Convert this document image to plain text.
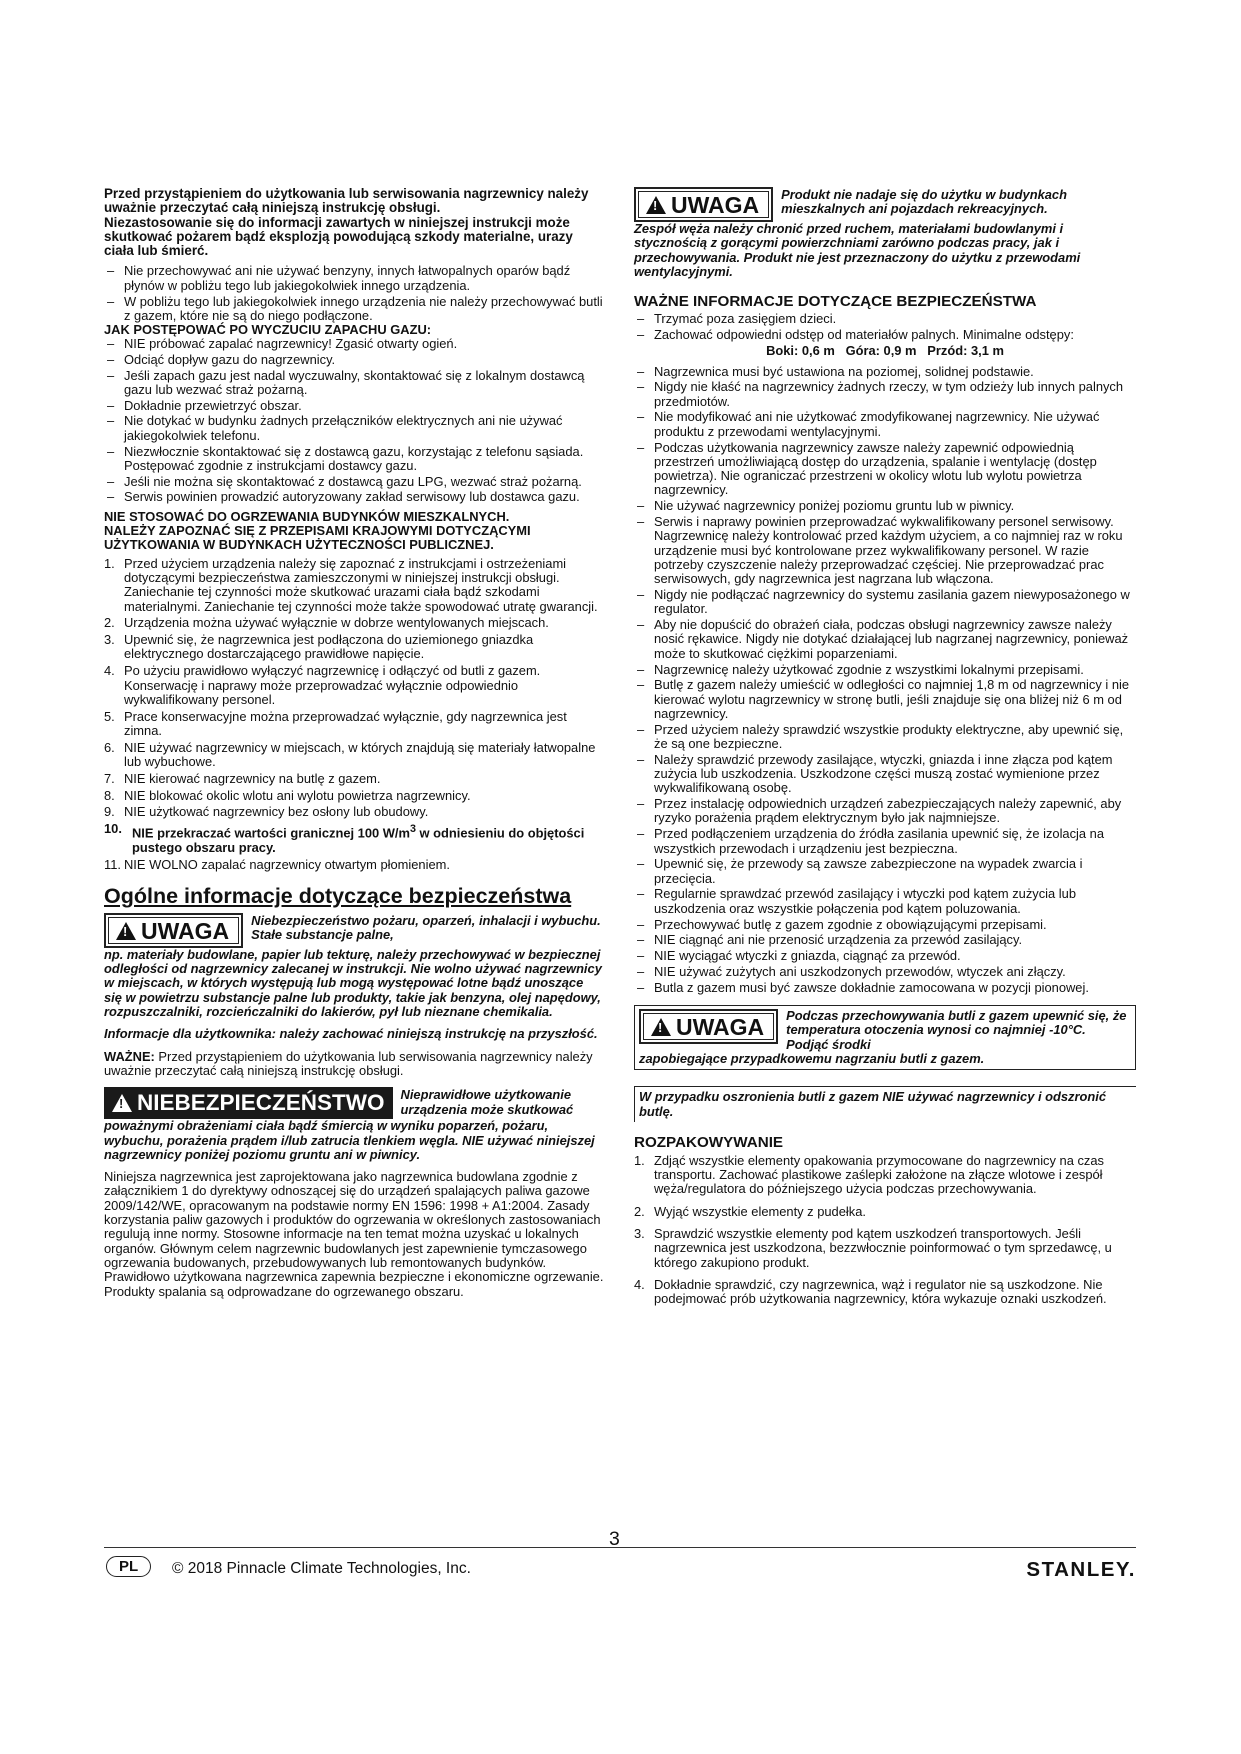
Przed przystąpieniem do użytkowania lub serwisowania nagrzewnicy należy uważnie przeczytać całą niniejszą instrukcję obsługi.

Niezastosowanie się do informacji zawartych w niniejszej instrukcji może skutkować pożarem bądź eksplozją powodującą szkody materialne, urazy ciała lub śmierć.

– Nie przechowywać ani nie używać benzyny, innych łatwopalnych oparów bądź płynów w pobliżu tego lub jakiegokolwiek innego urządzenia.
– W pobliżu tego lub jakiegokolwiek innego urządzenia nie należy przechowywać butli z gazem, które nie są do niego podłączone.

JAK POSTĘPOWAĆ PO WYCZUCIU ZAPACHU GAZU:

– NIE próbować zapalać nagrzewnicy! Zgasić otwarty ogień.
– Odciąć dopływ gazu do nagrzewnicy.
– Jeśli zapach gazu jest nadal wyczuwalny, skontaktować się z lokalnym dostawcą gazu lub wezwać straż pożarną.
– Dokładnie przewietrzyć obszar.
– Nie dotykać w budynku żadnych przełączników elektrycznych ani nie używać jakiegokolwiek telefonu.
– Niezwłocznie skontaktować się z dostawcą gazu, korzystając z telefonu sąsiada. Postępować zgodnie z instrukcjami dostawcy gazu.
– Jeśli nie można się skontaktować z dostawcą gazu LPG, wezwać straż pożarną.
– Serwis powinien prowadzić autoryzowany zakład serwisowy lub dostawca gazu.

NIE STOSOWAĆ DO OGRZEWANIA BUDYNKÓW MIESZKALNYCH.

NALEŻY ZAPOZNAĆ SIĘ Z PRZEPISAMI KRAJOWYMI DOTYCZĄCYMI UŻYTKOWANIA W BUDYNKACH UŻYTECZNOŚCI PUBLICZNEJ.

1. Przed użyciem urządzenia należy się zapoznać z instrukcjami i ostrzeżeniami dotyczącymi bezpieczeństwa zamieszczonymi w niniejszej instrukcji obsługi. Zaniechanie tej czynności może skutkować urazami ciała bądź szkodami materialnymi. Zaniechanie tej czynności może także spowodować utratę gwarancji.
2. Urządzenia można używać wyłącznie w dobrze wentylowanych miejscach.
3. Upewnić się, że nagrzewnica jest podłączona do uziemionego gniazdka elektrycznego dostarczającego prawidłowe napięcie.
4. Po użyciu prawidłowo wyłączyć nagrzewnicę i odłączyć od butli z gazem. Konserwację i naprawy może przeprowadzać wyłącznie odpowiednio wykwalifikowany personel.
5. Prace konserwacyjne można przeprowadzać wyłącznie, gdy nagrzewnica jest zimna.
6. NIE używać nagrzewnicy w miejscach, w których znajdują się materiały łatwopalne lub wybuchowe.
7. NIE kierować nagrzewnicy na butlę z gazem.
8. NIE blokować okolic wlotu ani wylotu powietrza nagrzewnicy.
9. NIE użytkować nagrzewnicy bez osłony lub obudowy.
10. NIE przekraczać wartości granicznej 100 $W/m^3$ w odniesieniu do objętości pustego obszaru pracy.
11. NIE WOLNO zapalać nagrzewnicy otwartym płomieniem.
Ogólne informacje dotyczące bezpieczeństwa
! UWAGA Niebezpieczeństwo pożaru, oparzeń, inhalacji i wybuchu. Stałe substancje palne,

np. materiały budowlane, papier lub tekturę, należy przechowywać w bezpiecznej odległości od nagrzewnicy zalecanej w instrukcji. Nie wolno używać nagrzewnicy w miejscach, w których występują lub mogą występować lotne bądź unoszące się w powietrzu substancje palne lub produkty, takie jak benzyna, olej napędowy, rozpuszczalniki, rozcieńczalniki do lakierów, pył lub nieznane chemikalia.

Informacje dla użytkownika: należy zachować niniejszą instrukcję na przyszłość.

WAŻNE: Przed przystąpieniem do użytkowania lub serwisowania nagrzewnicy należy uważnie przeczytać całą niniejszą instrukcję obsługi.

! NIEBEZPIECZEŃSTWO Nieprawidłowe użytkowanie urządzenia może skutkować

poważnymi obrażeniami ciała bądź śmiercią w wyniku poparzeń, pożaru, wybuchu, porażenia prądem i/lub zatrucia tlenkiem węgla. NIE używać niniejszej nagrzewnicy poniżej poziomu gruntu ani w piwnicy.

Niniejsza nagrzewnica jest zaprojektowana jako nagrzewnica budowlana zgodnie z załącznikiem 1 do dyrektywy odnoszącej się do urządzeń spalających paliwa gazowe 2009/142/WE, opracowanym na podstawie normy EN 1596: 1998 + A1:2004. Zasady korzystania paliw gazowych i produktów do ogrzewania w określonych zastosowaniach regulują inne normy. Stosowne informacje na ten temat można uzyskać u lokalnych organów. Głównym celem nagrzewnic budowlanych jest zapewnienie tymczasowego ogrzewania budowanych, przebudowywanych lub remontowanych budynków. Prawidłowo użytkowana nagrzewnica zapewnia bezpieczne i ekonomiczne ogrzewanie. Produkty spalania są odprowadzane do ogrzewanego obszaru.

! UWAGA Produkt nie nadaje się do użytku w budynkach mieszkalnych ani pojazdach rekreacyjnych.

Zespół węża należy chronić przed ruchem, materiałami budowlanymi i stycznością z gorącymi powierzchniami zarówno podczas pracy, jak i przechowywania. Produkt nie jest przeznaczony do użytku z przewodami wentylacyjnymi.

WAŻNE INFORMACJE DOTYCZĄCE BEZPIECZEŃSTWA
– Trzymać poza zasięgiem dzieci.
– Zachować odpowiedni odstęp od materiałów palnych. Minimalne odstępy:

Boki: 0,6 m   Góra: 0,9 m   Przód: 3,1 m

– Nagrzewnica musi być ustawiona na poziomej, solidnej podstawie.
– Nigdy nie kłaść na nagrzewnicy żadnych rzeczy, w tym odzieży lub innych palnych przedmiotów.
– Nie modyfikować ani nie użytkować zmodyfikowanej nagrzewnicy. Nie używać produktu z przewodami wentylacyjnymi.
– Podczas użytkowania nagrzewnicy zawsze należy zapewnić odpowiednią przestrzeń umożliwiającą dostęp do urządzenia, spalanie i wentylację (dostęp powietrza). Nie ograniczać przestrzeni w okolicy wlotu lub wylotu powietrza nagrzewnicy.
– Nie używać nagrzewnicy poniżej poziomu gruntu lub w piwnicy.
– Serwis i naprawy powinien przeprowadzać wykwalifikowany personel serwisowy. Nagrzewnicę należy kontrolować przed każdym użyciem, a co najmniej raz w roku urządzenie musi być kontrolowane przez wykwalifikowany personel. W razie potrzeby czyszczenie należy przeprowadzać częściej. Nie przeprowadzać prac serwisowych, gdy nagrzewnica jest nagrzana lub włączona.
– Nigdy nie podłączać nagrzewnicy do systemu zasilania gazem niewyposażonego w regulator.
– Aby nie dopuścić do obrażeń ciała, podczas obsługi nagrzewnicy zawsze należy nosić rękawice. Nigdy nie dotykać działającej lub nagrzanej nagrzewnicy, ponieważ może to skutkować ciężkimi poparzeniami.
– Nagrzewnicę należy użytkować zgodnie z wszystkimi lokalnymi przepisami.
– Butlę z gazem należy umieścić w odległości co najmniej 1,8 m od nagrzewnicy i nie kierować wylotu nagrzewnicy w stronę butli, jeśli znajduje się ona bliżej niż 6 m od nagrzewnicy.
– Przed użyciem należy sprawdzić wszystkie produkty elektryczne, aby upewnić się, że są one bezpieczne.
– Należy sprawdzić przewody zasilające, wtyczki, gniazda i inne złącza pod kątem zużycia lub uszkodzenia. Uszkodzone części muszą zostać wymienione przez wykwalifikowaną osobę.
– Przez instalację odpowiednich urządzeń zabezpieczających należy zapewnić, aby ryzyko porażenia prądem elektrycznym było jak najmniejsze.
– Przed podłączeniem urządzenia do źródła zasilania upewnić się, że izolacja na wszystkich przewodach i urządzeniu jest bezpieczna.
– Upewnić się, że przewody są zawsze zabezpieczone na wypadek zwarcia i przecięcia.
– Regularnie sprawdzać przewód zasilający i wtyczki pod kątem zużycia lub uszkodzenia oraz wszystkie połączenia pod kątem poluzowania.
– Przechowywać butlę z gazem zgodnie z obowiązującymi przepisami.
– NIE ciągnąć ani nie przenosić urządzenia za przewód zasilający.
– NIE wyciągać wtyczki z gniazda, ciągnąć za przewód.
– NIE używać zużytych ani uszkodzonych przewodów, wtyczek ani złączy.
– Butla z gazem musi być zawsze dokładnie zamocowana w pozycji pionowej.
! UWAGA Podczas przechowywania butli z gazem upewnić się, że temperatura otoczenia wynosi co najmniej -10°C. Podjąć środki

zapobiegające przypadkowemu nagrzaniu butli z gazem.

W przypadku oszronienia butli z gazem NIE używać nagrzewnicy i odszronić butlę.

ROZPAKOWYWANIE
1. Zdjąć wszystkie elementy opakowania przymocowane do nagrzewnicy na czas transportu. Zachować plastikowe zaślepki założone na złącze wlotowe i zespół węża/regulatora do późniejszego użycia podczas przechowywania.
2. Wyjąć wszystkie elementy z pudełka.
3. Sprawdzić wszystkie elementy pod kątem uszkodzeń transportowych. Jeśli nagrzewnica jest uszkodzona, bezzwłocznie poinformować o tym sprzedawcę, u którego zakupiono produkt.
4. Dokładnie sprawdzić, czy nagrzewnica, wąż i regulator nie są uszkodzone. Nie podejmować prób użytkowania nagrzewnicy, która wykazuje oznaki uszkodzeń.
PL	© 2018 Pinnacle Climate Technologies, Inc.
3
STANLEY.
